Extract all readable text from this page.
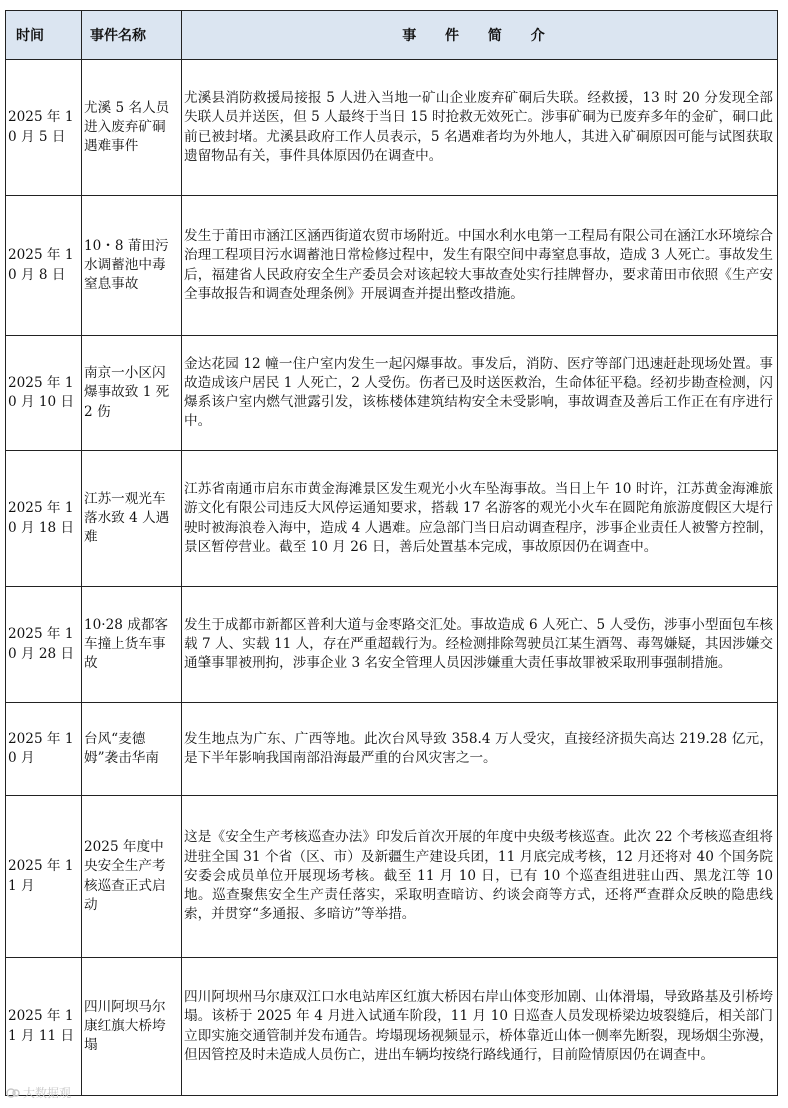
时间	事件名称	事 件 简 介
2025 年 10 月 5 日	尤溪 5 名人员进入废弃矿硐遇难事件	尤溪县消防救援局接报 5 人进入当地一矿山企业废弃矿硐后失联。经救援，13 时 20 分发现全部失联人员并送医，但 5 人最终于当日 15 时抢救无效死亡。涉事矿硐为已废弃多年的金矿，硐口此前已被封堵。尤溪县政府工作人员表示，5 名遇难者均为外地人，其进入矿硐原因可能与试图获取遗留物品有关，事件具体原因仍在调查中。
2025 年 10 月 8 日	10・8 莆田污水调蓄池中毒窒息事故	发生于莆田市涵江区涵西街道农贸市场附近。中国水利水电第一工程局有限公司在涵江水环境综合治理工程项目污水调蓄池日常检修过程中，发生有限空间中毒窒息事故，造成 3 人死亡。事故发生后，福建省人民政府安全生产委员会对该起较大事故查处实行挂牌督办，要求莆田市依照《生产安全事故报告和调查处理条例》开展调查并提出整改措施。
2025 年 10 月 10 日	南京一小区闪爆事故致 1 死 2 伤	金达花园 12 幢一住户室内发生一起闪爆事故。事发后，消防、医疗等部门迅速赶赴现场处置。事故造成该户居民 1 人死亡，2 人受伤。伤者已及时送医救治，生命体征平稳。经初步勘查检测，闪爆系该户室内燃气泄露引发，该栋楼体建筑结构安全未受影响，事故调查及善后工作正在有序进行中。
2025 年 10 月 18 日	江苏一观光车落水致 4 人遇难	江苏省南通市启东市黄金海滩景区发生观光小火车坠海事故。当日上午 10 时许，江苏黄金海滩旅游文化有限公司违反大风停运通知要求，搭载 17 名游客的观光小火车在圆陀角旅游度假区大堤行驶时被海浪卷入海中，造成 4 人遇难。应急部门当日启动调查程序，涉事企业责任人被警方控制，景区暂停营业。截至 10 月 26 日，善后处置基本完成，事故原因仍在调查中。
2025 年 10 月 28 日	10·28 成都客车撞上货车事故	发生于成都市新都区普利大道与金枣路交汇处。事故造成 6 人死亡、5 人受伤，涉事小型面包车核载 7 人、实载 11 人，存在严重超载行为。经检测排除驾驶员江某生酒驾、毒驾嫌疑，其因涉嫌交通肇事罪被刑拘，涉事企业 3 名安全管理人员因涉嫌重大责任事故罪被采取刑事强制措施。
2025 年 10 月	台风“麦德姆”袭击华南	发生地点为广东、广西等地。此次台风导致 358.4 万人受灾，直接经济损失高达 219.28 亿元，是下半年影响我国南部沿海最严重的台风灾害之一。
2025 年 11 月	2025 年度中央安全生产考核巡查正式启动	这是《安全生产考核巡查办法》印发后首次开展的年度中央级考核巡查。此次 22 个考核巡查组将进驻全国 31 个省（区、市）及新疆生产建设兵团，11 月底完成考核，12 月还将对 40 个国务院安委会成员单位开展现场考核。截至 11 月 10 日，已有 10 个巡查组进驻山西、黑龙江等 10 地。巡查聚焦安全生产责任落实，采取明查暗访、约谈会商等方式，还将严查群众反映的隐患线索，并贯穿“多通报、多暗访”等举措。
2025 年 11 月 11 日	四川阿坝马尔康红旗大桥垮塌	四川阿坝州马尔康双江口水电站库区红旗大桥因右岸山体变形加剧、山体滑塌，导致路基及引桥垮塌。该桥于 2025 年 4 月进入试通车阶段，11 月 10 日巡查人员发现桥梁边坡裂缝后，相关部门立即实施交通管制并发布通告。垮塌现场视频显示，桥体靠近山体一侧率先断裂，现场烟尘弥漫，但因管控及时未造成人员伤亡，进出车辆均按绕行路线通行，目前险情原因仍在调查中。
大数据观
